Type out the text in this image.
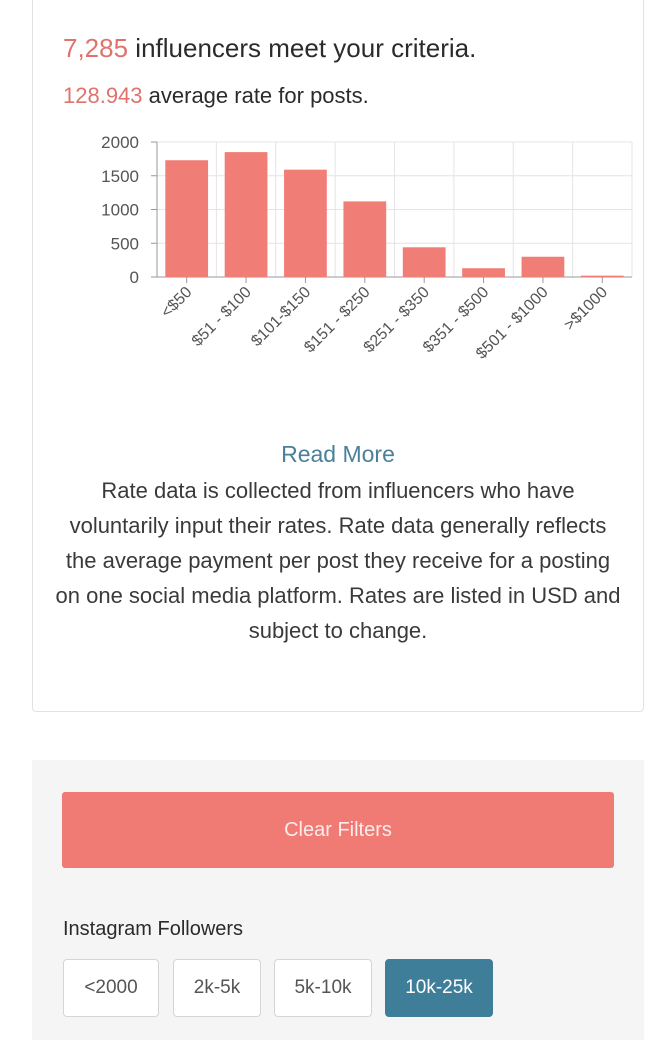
7,285 influencers meet your criteria.

128.943 average rate for posts.

0
500
1000
1500
2000
<$50
$51 - $100
$101-$150
$151 - $250
$251 - $350
$351 - $500
$501 - $1000 >$1000
Read More

Rate data is collected from influencers who have voluntarily input their rates. Rate data generally reflects the average payment per post they receive for a posting on one social media platform. Rates are listed in USD and subject to change.

Clear Filters

Instagram Followers

<2000	2k-5k	5k-10k	10k-25k
